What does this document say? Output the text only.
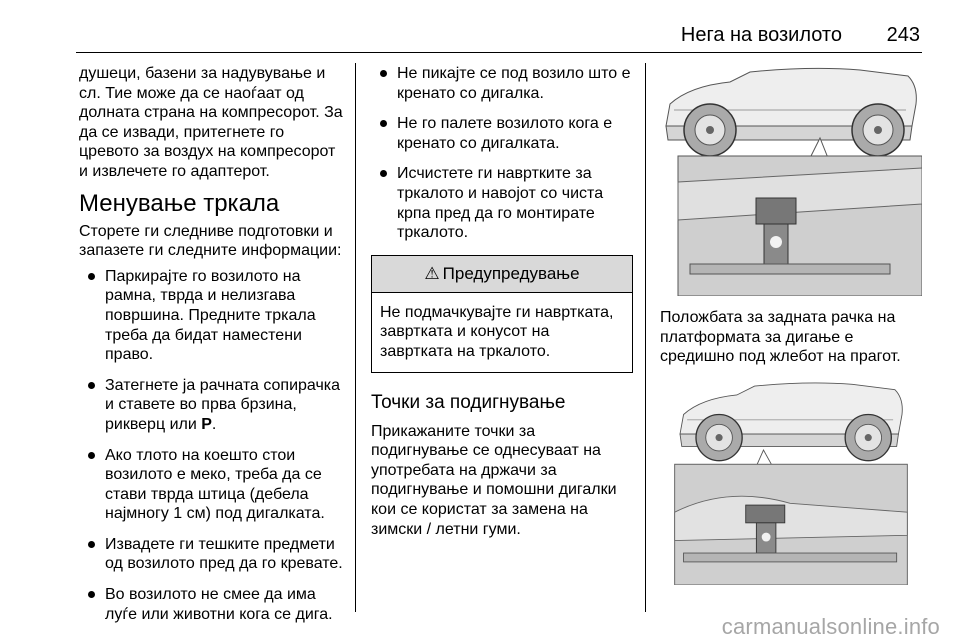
Нега на возилото 243

душеци, базени за надувување и сл. Тие може да се наоѓаат од долната страна на компресорот. За да се извади, притегнете го цревото за воздух на компресорот и извлечете го адаптерот.

Менување тркала

Сторете ги следниве подготовки и запазете ги следните информации:

Паркирајте го возилото на рамна, тврда и нелизгава површина. Предните тркала треба да бидат наместени право.
Затегнете ја рачната сопирачка и ставете во прва брзина, рикверц или P.
Ако тлото на коешто стои возилото е меко, треба да се стави тврда штица (дебела најмногу 1 см) под дигалката.
Извадете ги тешките предмети од возилото пред да го кревате.
Во возилото не смее да има луѓе или животни кога се дига.
Не пикајте се под возило што е кренато со дигалка.
Не го палете возилото кога е кренато со дигалката.
Исчистете ги навртките за тркалото и навојот со чиста крпа пред да го монтирате тркалото.
⚠ Предупредување
Не подмачкувајте ги навртката, завртката и конусот на завртката на тркалото.
Точки за подигнување

Прикажаните точки за подигнување се однесуваат на употребата на држачи за подигнување и помошни дигалки кои се користат за замена на зимски / летни гуми.

Положбата за задната рачка на платформата за дигање е средишно под жлебот на прагот.

carmanualsonline.info
